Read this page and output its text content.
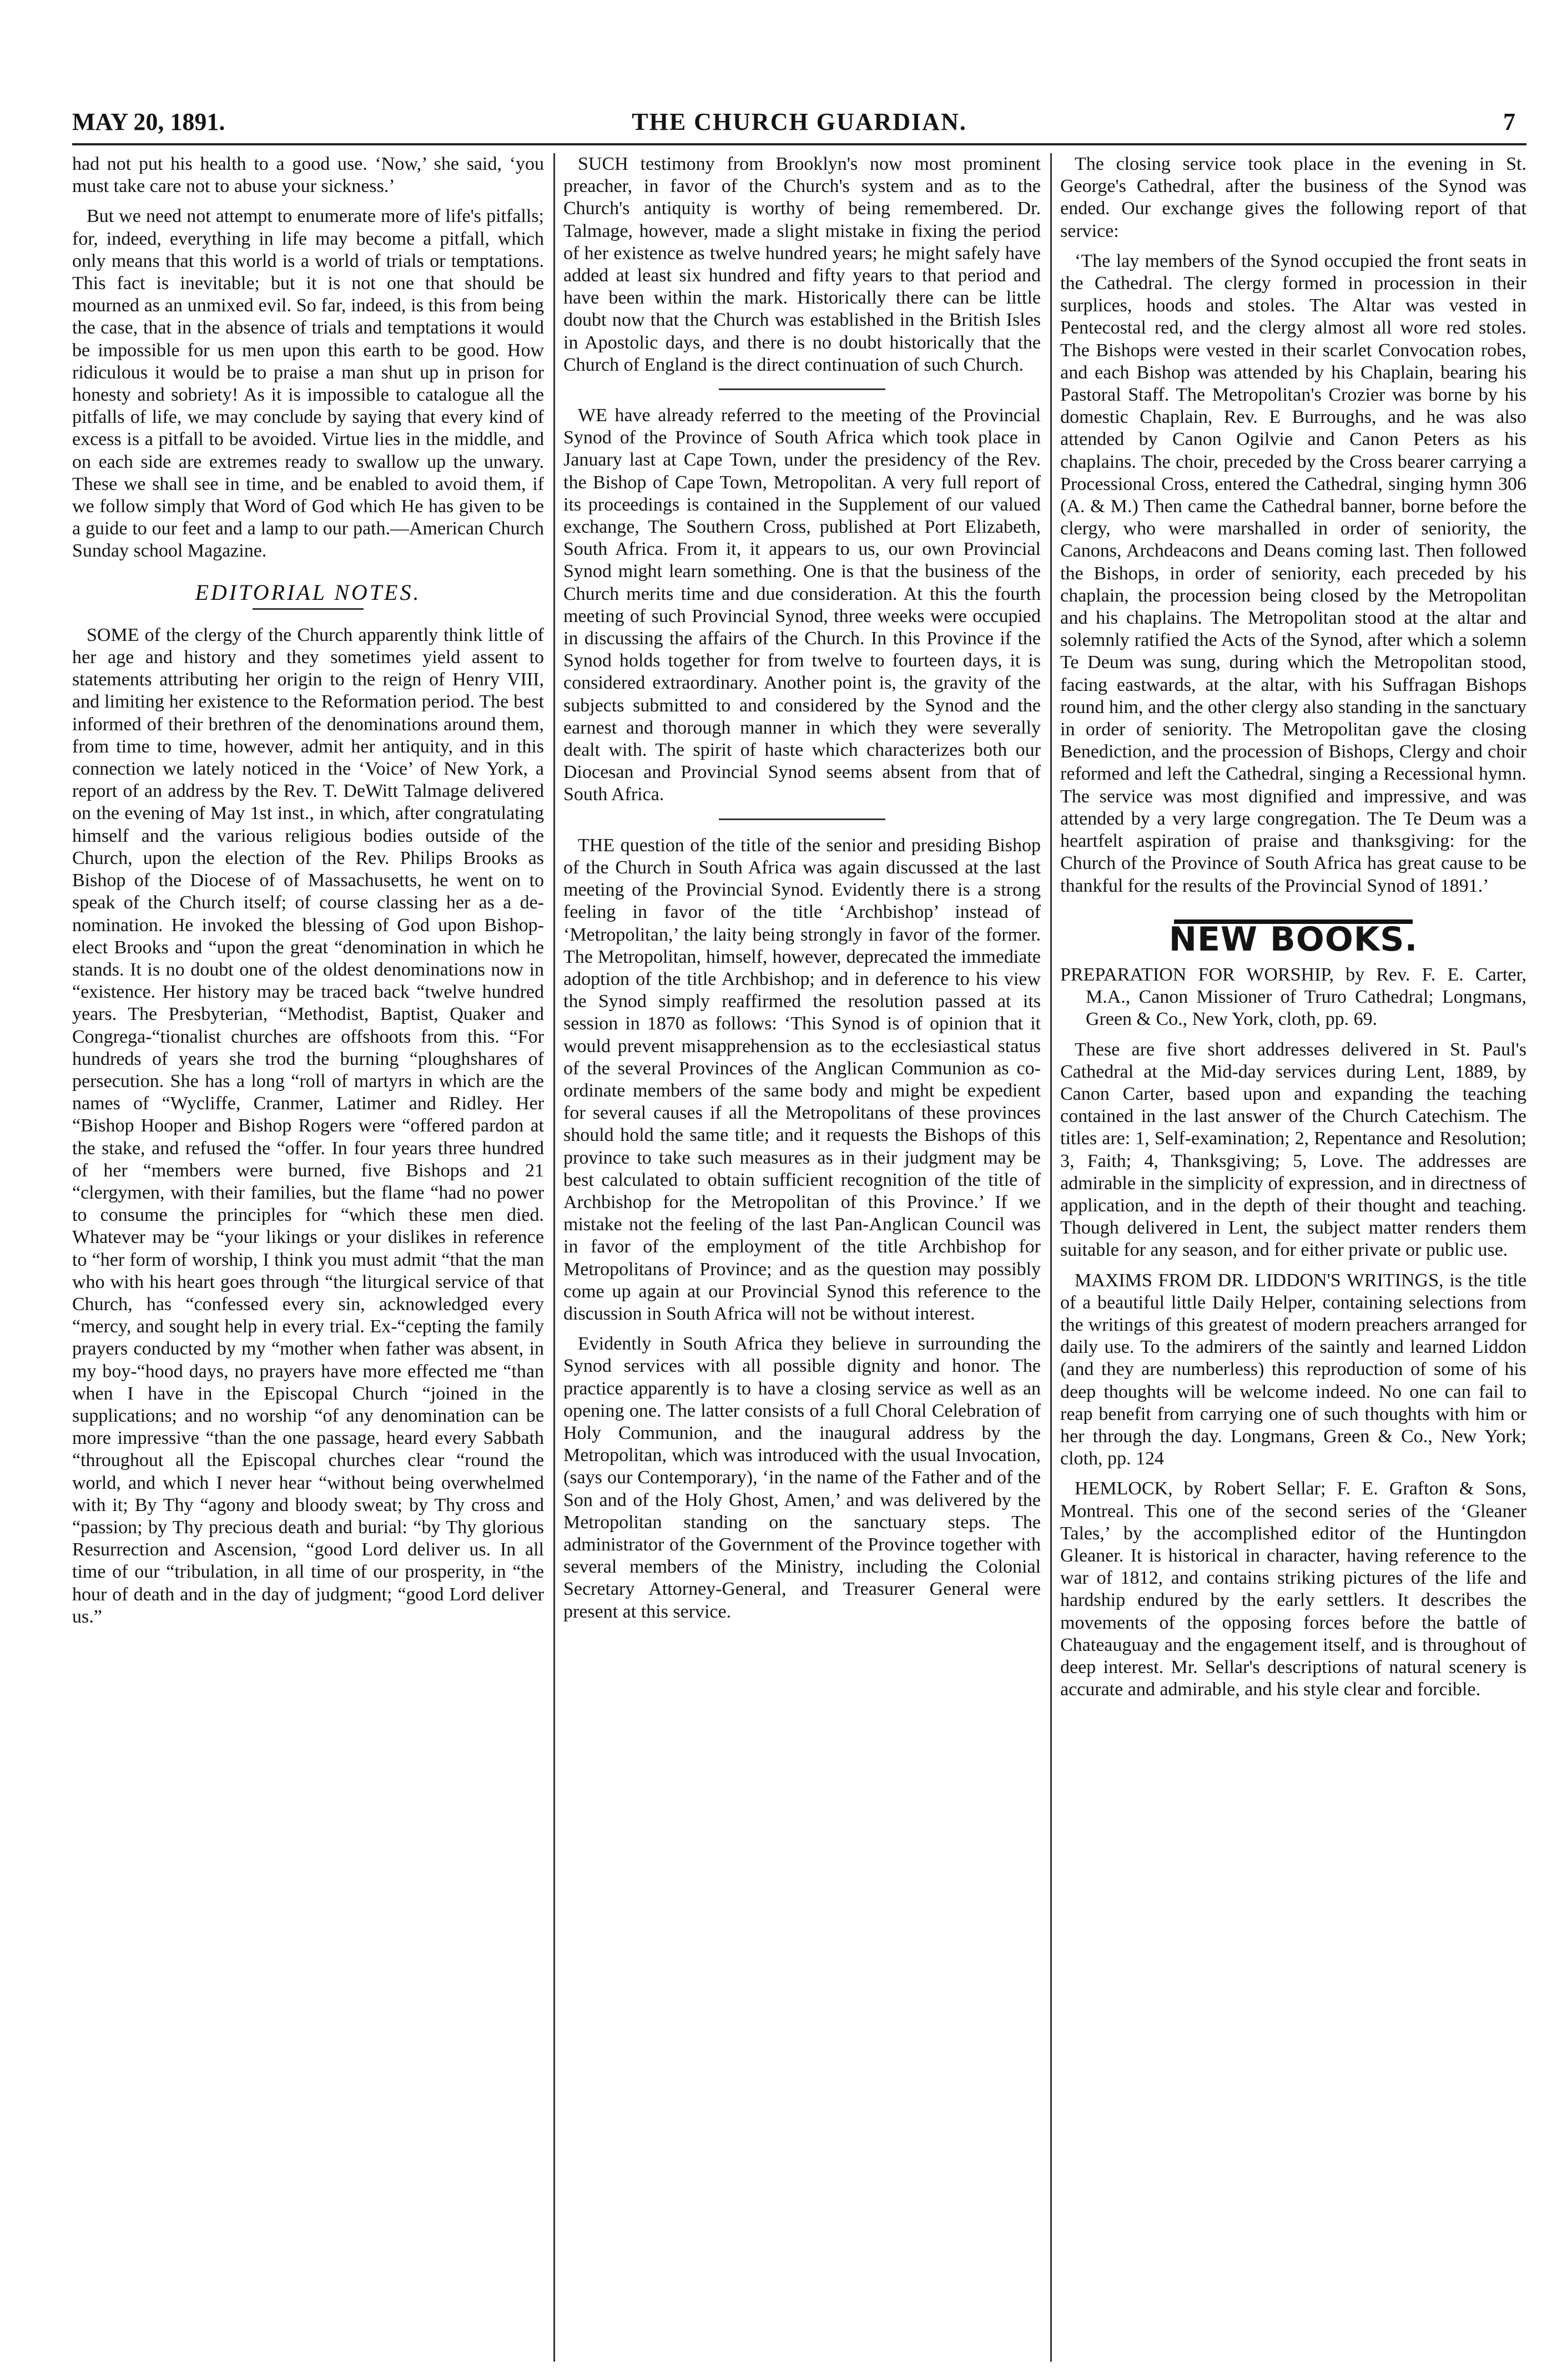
MAY 20, 1891.	THE CHURCH GUARDIAN.	7

had not put his health to a good use. ‘Now,’ she said, ‘you must take care not to abuse your sickness.’

But we need not attempt to enumerate more of life's pitfalls; for, indeed, everything in life may become a pitfall, which only means that this world is a world of trials or temptations. This fact is inevitable; but it is not one that should be mourned as an unmixed evil. So far, indeed, is this from being the case, that in the absence of trials and temptations it would be impossible for us men upon this earth to be good. How ridiculous it would be to praise a man shut up in prison for honesty and sobriety! As it is impossible to catalogue all the pitfalls of life, we may conclude by saying that every kind of excess is a pitfall to be avoided. Virtue lies in the middle, and on each side are extremes ready to swallow up the unwary. These we shall see in time, and be enabled to avoid them, if we follow simply that Word of God which He has given to be a guide to our feet and a lamp to our path.—American Church Sunday school Magazine.

EDITORIAL NOTES.

SOME of the clergy of the Church apparently think little of her age and history and they sometimes yield assent to statements attributing her origin to the reign of Henry VIII, and limiting her existence to the Reformation period. The best informed of their brethren of the denominations around them, from time to time, however, admit her antiquity, and in this connection we lately noticed in the ‘Voice’ of New York, a report of an address by the Rev. T. DeWitt Talmage delivered on the evening of May 1st inst., in which, after congratulating himself and the various religious bodies outside of the Church, upon the election of the Rev. Philips Brooks as Bishop of the Diocese of of Massachusetts, he went on to speak of the Church itself; of course classing her as a de-nomination. He invoked the blessing of God upon Bishop-elect Brooks and “upon the great “denomination in which he stands. It is no doubt one of the oldest denominations now in “existence. Her history may be traced back “twelve hundred years. The Presbyterian, “Methodist, Baptist, Quaker and Congrega-“tionalist churches are offshoots from this. “For hundreds of years she trod the burning “ploughshares of persecution. She has a long “roll of martyrs in which are the names of “Wycliffe, Cranmer, Latimer and Ridley. Her “Bishop Hooper and Bishop Rogers were “offered pardon at the stake, and refused the “offer. In four years three hundred of her “members were burned, five Bishops and 21 “clergymen, with their families, but the flame “had no power to consume the principles for “which these men died. Whatever may be “your likings or your dislikes in reference to “her form of worship, I think you must admit “that the man who with his heart goes through “the liturgical service of that Church, has “confessed every sin, acknowledged every “mercy, and sought help in every trial. Ex-“cepting the family prayers conducted by my “mother when father was absent, in my boy-“hood days, no prayers have more effected me “than when I have in the Episcopal Church “joined in the supplications; and no worship “of any denomination can be more impressive “than the one passage, heard every Sabbath “throughout all the Episcopal churches clear “round the world, and which I never hear “without being overwhelmed with it; By Thy “agony and bloody sweat; by Thy cross and “passion; by Thy precious death and burial: “by Thy glorious Resurrection and Ascension, “good Lord deliver us. In all time of our “tribulation, in all time of our prosperity, in “the hour of death and in the day of judgment; “good Lord deliver us.”

SUCH testimony from Brooklyn's now most prominent preacher, in favor of the Church's system and as to the Church's antiquity is worthy of being remembered. Dr. Talmage, however, made a slight mistake in fixing the period of her existence as twelve hundred years; he might safely have added at least six hundred and fifty years to that period and have been within the mark. Historically there can be little doubt now that the Church was established in the British Isles in Apostolic days, and there is no doubt historically that the Church of England is the direct continuation of such Church.

WE have already referred to the meeting of the Provincial Synod of the Province of South Africa which took place in January last at Cape Town, under the presidency of the Rev. the Bishop of Cape Town, Metropolitan. A very full report of its proceedings is contained in the Supplement of our valued exchange, The Southern Cross, published at Port Elizabeth, South Africa. From it, it appears to us, our own Provincial Synod might learn something. One is that the business of the Church merits time and due consideration. At this the fourth meeting of such Provincial Synod, three weeks were occupied in discussing the affairs of the Church. In this Province if the Synod holds together for from twelve to fourteen days, it is considered extraordinary. Another point is, the gravity of the subjects submitted to and considered by the Synod and the earnest and thorough manner in which they were severally dealt with. The spirit of haste which characterizes both our Diocesan and Provincial Synod seems absent from that of South Africa.

THE question of the title of the senior and presiding Bishop of the Church in South Africa was again discussed at the last meeting of the Provincial Synod. Evidently there is a strong feeling in favor of the title ‘Archbishop’ instead of ‘Metropolitan,’ the laity being strongly in favor of the former. The Metropolitan, himself, however, deprecated the immediate adoption of the title Archbishop; and in deference to his view the Synod simply reaffirmed the resolution passed at its session in 1870 as follows: ‘This Synod is of opinion that it would prevent misapprehension as to the ecclesiastical status of the several Provinces of the Anglican Communion as co-ordinate members of the same body and might be expedient for several causes if all the Metropolitans of these provinces should hold the same title; and it requests the Bishops of this province to take such measures as in their judgment may be best calculated to obtain sufficient recognition of the title of Archbishop for the Metropolitan of this Province.’ If we mistake not the feeling of the last Pan-Anglican Council was in favor of the employment of the title Archbishop for Metropolitans of Province; and as the question may possibly come up again at our Provincial Synod this reference to the discussion in South Africa will not be without interest.

Evidently in South Africa they believe in surrounding the Synod services with all possible dignity and honor. The practice apparently is to have a closing service as well as an opening one. The latter consists of a full Choral Celebration of Holy Communion, and the inaugural address by the Metropolitan, which was introduced with the usual Invocation, (says our Contemporary), ‘in the name of the Father and of the Son and of the Holy Ghost, Amen,’ and was delivered by the Metropolitan standing on the sanctuary steps. The administrator of the Government of the Province together with several members of the Ministry, including the Colonial Secretary Attorney-General, and Treasurer General were present at this service.

The closing service took place in the evening in St. George's Cathedral, after the business of the Synod was ended. Our exchange gives the following report of that service:

‘The lay members of the Synod occupied the front seats in the Cathedral. The clergy formed in procession in their surplices, hoods and stoles. The Altar was vested in Pentecostal red, and the clergy almost all wore red stoles. The Bishops were vested in their scarlet Convocation robes, and each Bishop was attended by his Chaplain, bearing his Pastoral Staff. The Metropolitan's Crozier was borne by his domestic Chaplain, Rev. E Burroughs, and he was also attended by Canon Ogilvie and Canon Peters as his chaplains. The choir, preceded by the Cross bearer carrying a Processional Cross, entered the Cathedral, singing hymn 306 (A. & M.) Then came the Cathedral banner, borne before the clergy, who were marshalled in order of seniority, the Canons, Archdeacons and Deans coming last. Then followed the Bishops, in order of seniority, each preceded by his chaplain, the procession being closed by the Metropolitan and his chaplains. The Metropolitan stood at the altar and solemnly ratified the Acts of the Synod, after which a solemn Te Deum was sung, during which the Metropolitan stood, facing eastwards, at the altar, with his Suffragan Bishops round him, and the other clergy also standing in the sanctuary in order of seniority. The Metropolitan gave the closing Benediction, and the procession of Bishops, Clergy and choir reformed and left the Cathedral, singing a Recessional hymn. The service was most dignified and impressive, and was attended by a very large congregation. The Te Deum was a heartfelt aspiration of praise and thanksgiving: for the Church of the Province of South Africa has great cause to be thankful for the results of the Provincial Synod of 1891.’

NEW BOOKS.

PREPARATION FOR WORSHIP, by Rev. F. E. Carter, M.A., Canon Missioner of Truro Cathedral; Longmans, Green & Co., New York, cloth, pp. 69.

These are five short addresses delivered in St. Paul's Cathedral at the Mid-day services during Lent, 1889, by Canon Carter, based upon and expanding the teaching contained in the last answer of the Church Catechism. The titles are: 1, Self-examination; 2, Repentance and Resolution; 3, Faith; 4, Thanksgiving; 5, Love. The addresses are admirable in the simplicity of expression, and in directness of application, and in the depth of their thought and teaching. Though delivered in Lent, the subject matter renders them suitable for any season, and for either private or public use.

MAXIMS FROM DR. LIDDON'S WRITINGS, is the title of a beautiful little Daily Helper, containing selections from the writings of this greatest of modern preachers arranged for daily use. To the admirers of the saintly and learned Liddon (and they are numberless) this reproduction of some of his deep thoughts will be welcome indeed. No one can fail to reap benefit from carrying one of such thoughts with him or her through the day. Longmans, Green & Co., New York; cloth, pp. 124

HEMLOCK, by Robert Sellar; F. E. Grafton & Sons, Montreal. This one of the second series of the ‘Gleaner Tales,’ by the accomplished editor of the Huntingdon Gleaner. It is historical in character, having reference to the war of 1812, and contains striking pictures of the life and hardship endured by the early settlers. It describes the movements of the opposing forces before the battle of Chateauguay and the engagement itself, and is throughout of deep interest. Mr. Sellar's descriptions of natural scenery is accurate and admirable, and his style clear and forcible.
